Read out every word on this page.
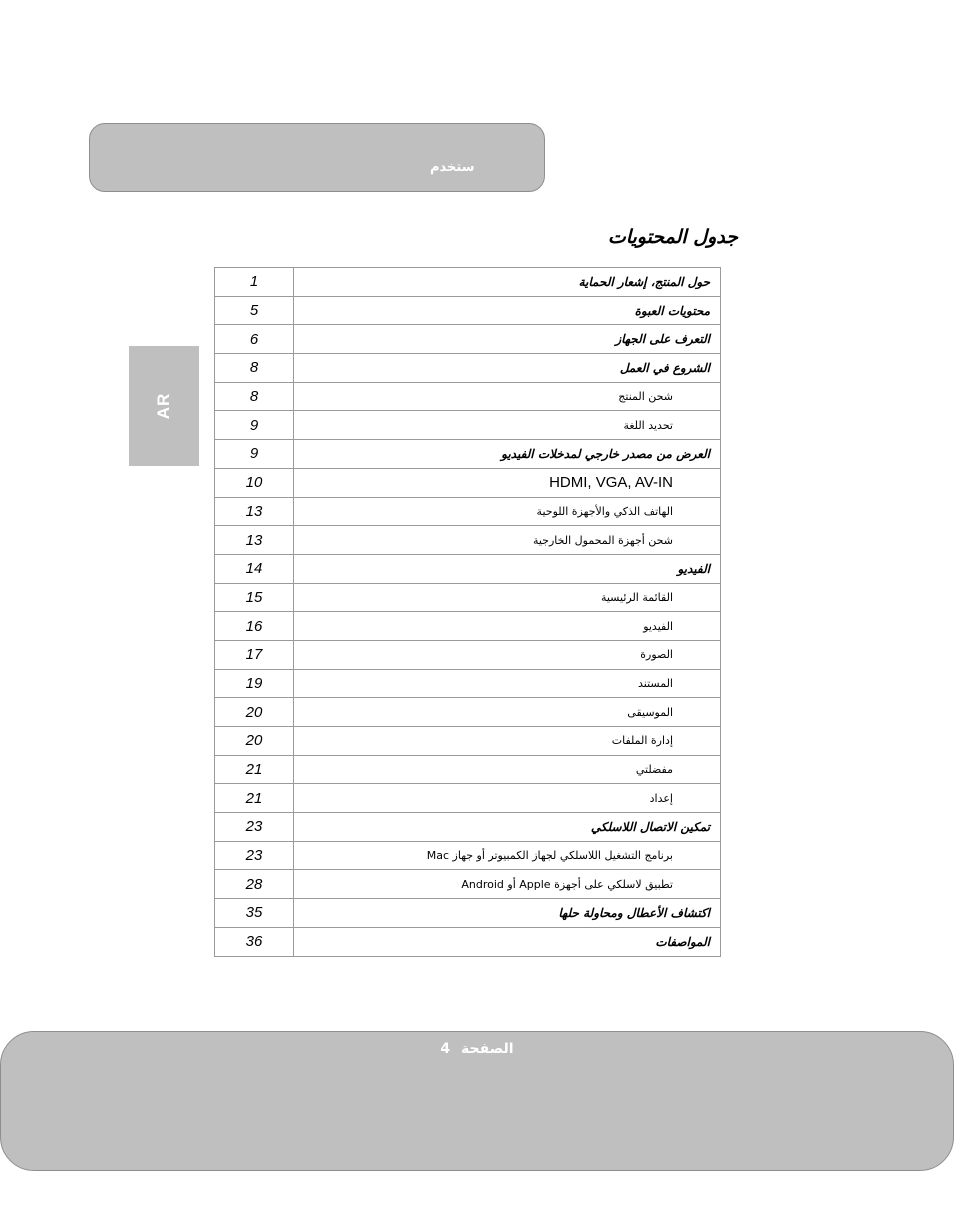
ستخدم
جدول المحتويات
AR
1	حول المنتج، إشعار الحماية
5	محتويات العبوة
6	التعرف على الجهاز
8	الشروع في العمل
8	شحن المنتج
9	تحديد اللغة
9	العرض من مصدر خارجي لمدخلات الفيديو
10	HDMI, VGA, AV-IN
13	الهاتف الذكي والأجهزة اللوحية
13	شحن أجهزة المحمول الخارجية
14	الفيديو
15	القائمة الرئيسية
16	الفيديو
17	الصورة
19	المستند
20	الموسيقى
20	إدارة الملفات
21	مفضلتي
21	إعداد
23	تمكين الاتصال اللاسلكي
23	برنامج التشغيل اللاسلكي لجهاز الكمبيوتر أو جهاز Mac
28	تطبيق لاسلكي على أجهزة Apple أو Android
35	اكتشاف الأعطال ومحاولة حلها
36	المواصفات
الصفحة 4
